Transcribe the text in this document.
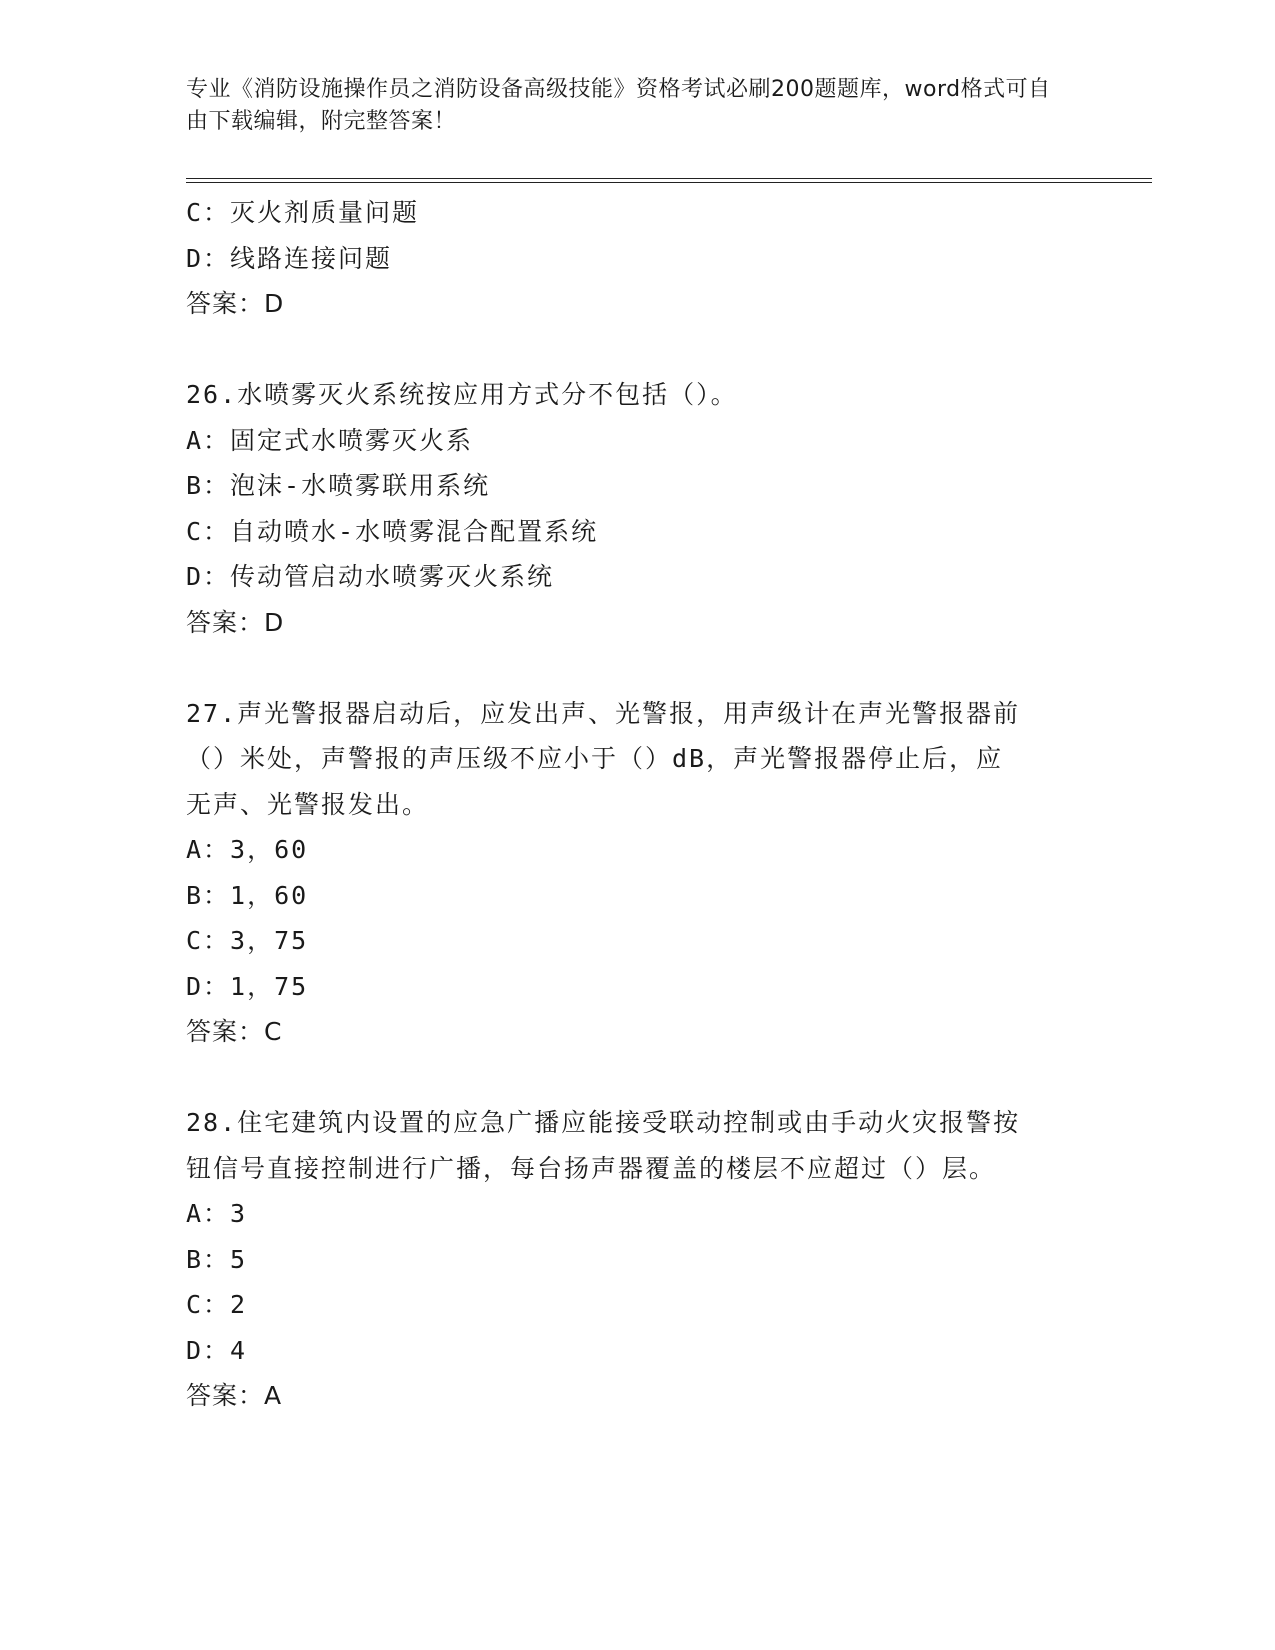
专业《消防设施操作员之消防设备高级技能》资格考试必刷200题题库，word格式可自由下载编辑，附完整答案！
C：灭火剂质量问题
D：线路连接问题
答案：D
26.水喷雾灭火系统按应用方式分不包括（）。
A：固定式水喷雾灭火系
B：泡沫-水喷雾联用系统
C：自动喷水-水喷雾混合配置系统
D：传动管启动水喷雾灭火系统
答案：D
27.声光警报器启动后，应发出声、光警报，用声级计在声光警报器前
（）米处，声警报的声压级不应小于（）dB，声光警报器停止后，应
无声、光警报发出。
A：3，60
B：1，60
C：3，75
D：1，75
答案：C
28.住宅建筑内设置的应急广播应能接受联动控制或由手动火灾报警按
钮信号直接控制进行广播，每台扬声器覆盖的楼层不应超过（）层。
A：3
B：5
C：2
D：4
答案：A
